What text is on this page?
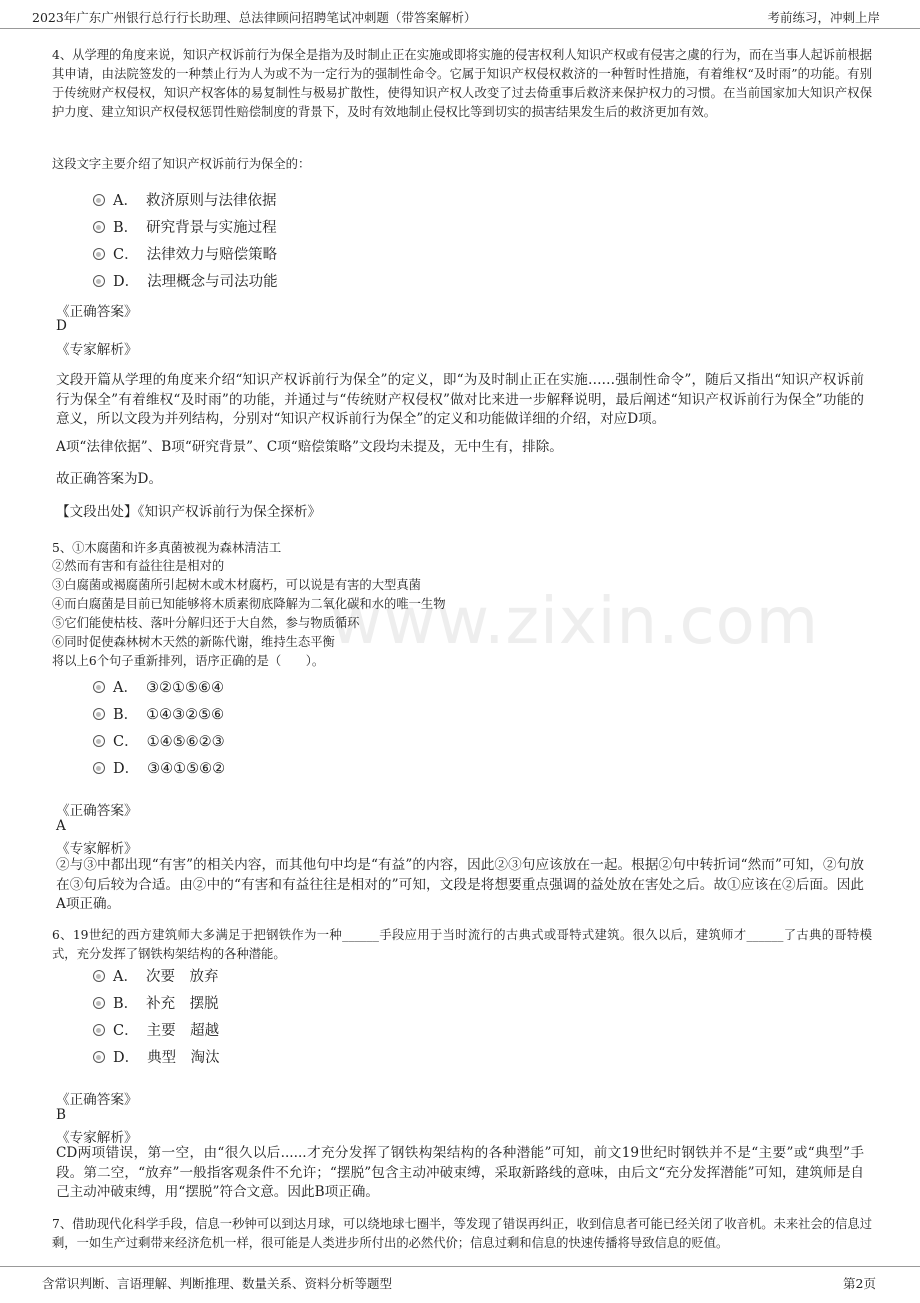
2023年广东广州银行总行行长助理、总法律顾问招聘笔试冲刺题（带答案解析）	考前练习，冲刺上岸
www.zixin.com

4、从学理的角度来说，知识产权诉前行为保全是指为及时制止正在实施或即将实施的侵害权利人知识产权或有侵害之虞的行为，而在当事人起诉前根据其申请，由法院签发的一种禁止行为人为或不为一定行为的强制性命令。它属于知识产权侵权救济的一种暂时性措施，有着维权“及时雨”的功能。有别于传统财产权侵权，知识产权客体的易复制性与极易扩散性，使得知识产权人改变了过去倚重事后救济来保护权力的习惯。在当前国家加大知识产权保护力度、建立知识产权侵权惩罚性赔偿制度的背景下，及时有效地制止侵权比等到切实的损害结果发生后的救济更加有效。

这段文字主要介绍了知识产权诉前行为保全的：

A． 救济原则与法律依据
B． 研究背景与实施过程
C． 法律效力与赔偿策略
D． 法理概念与司法功能
《正确答案》
D
《专家解析》

文段开篇从学理的角度来介绍“知识产权诉前行为保全”的定义，即“为及时制止正在实施……强制性命令”，随后又指出“知识产权诉前行为保全”有着维权“及时雨”的功能，并通过与“传统财产权侵权”做对比来进一步解释说明，最后阐述“知识产权诉前行为保全”功能的意义，所以文段为并列结构，分别对“知识产权诉前行为保全”的定义和功能做详细的介绍，对应D项。

A项“法律依据”、B项“研究背景”、C项“赔偿策略”文段均未提及，无中生有，排除。

故正确答案为D。

【文段出处】《知识产权诉前行为保全探析》

5、①木腐菌和许多真菌被视为森林清洁工
②然而有害和有益往往是相对的
③白腐菌或褐腐菌所引起树木或木材腐朽，可以说是有害的大型真菌
④而白腐菌是目前已知能够将木质素彻底降解为二氧化碳和水的唯一生物
⑤它们能使枯枝、落叶分解归还于大自然，参与物质循环
⑥同时促使森林树木天然的新陈代谢，维持生态平衡
将以上6个句子重新排列，语序正确的是（　　）。
A． ③②①⑤⑥④
B． ①④③②⑤⑥
C． ①④⑤⑥②③
D． ③④①⑤⑥②
《正确答案》
A
《专家解析》

②与③中都出现“有害”的相关内容，而其他句中均是“有益”的内容，因此②③句应该放在一起。根据②句中转折词“然而”可知，②句放在③句后较为合适。由②中的“有害和有益往往是相对的”可知，文段是将想要重点强调的益处放在害处之后。故①应该在②后面。因此A项正确。

6、19世纪的西方建筑师大多满足于把钢铁作为一种______手段应用于当时流行的古典式或哥特式建筑。很久以后，建筑师才______了古典的哥特模式，充分发挥了钢铁构架结构的各种潜能。

A． 次要　放弃
B． 补充　摆脱
C． 主要　超越
D． 典型　淘汰
《正确答案》
B
《专家解析》

CD两项错误，第一空，由“很久以后......才充分发挥了钢铁构架结构的各种潜能”可知，前文19世纪时钢铁并不是“主要”或“典型”手段。第二空，“放弃”一般指客观条件不允许；“摆脱”包含主动冲破束缚，采取新路线的意味，由后文“充分发挥潜能”可知，建筑师是自己主动冲破束缚，用“摆脱”符合文意。因此B项正确。

7、借助现代化科学手段，信息一秒钟可以到达月球，可以绕地球七圈半，等发现了错误再纠正，收到信息者可能已经关闭了收音机。未来社会的信息过剩，一如生产过剩带来经济危机一样，很可能是人类进步所付出的必然代价；信息过剩和信息的快速传播将导致信息的贬值。

含常识判断、言语理解、判断推理、数量关系、资料分析等题型	第2页
